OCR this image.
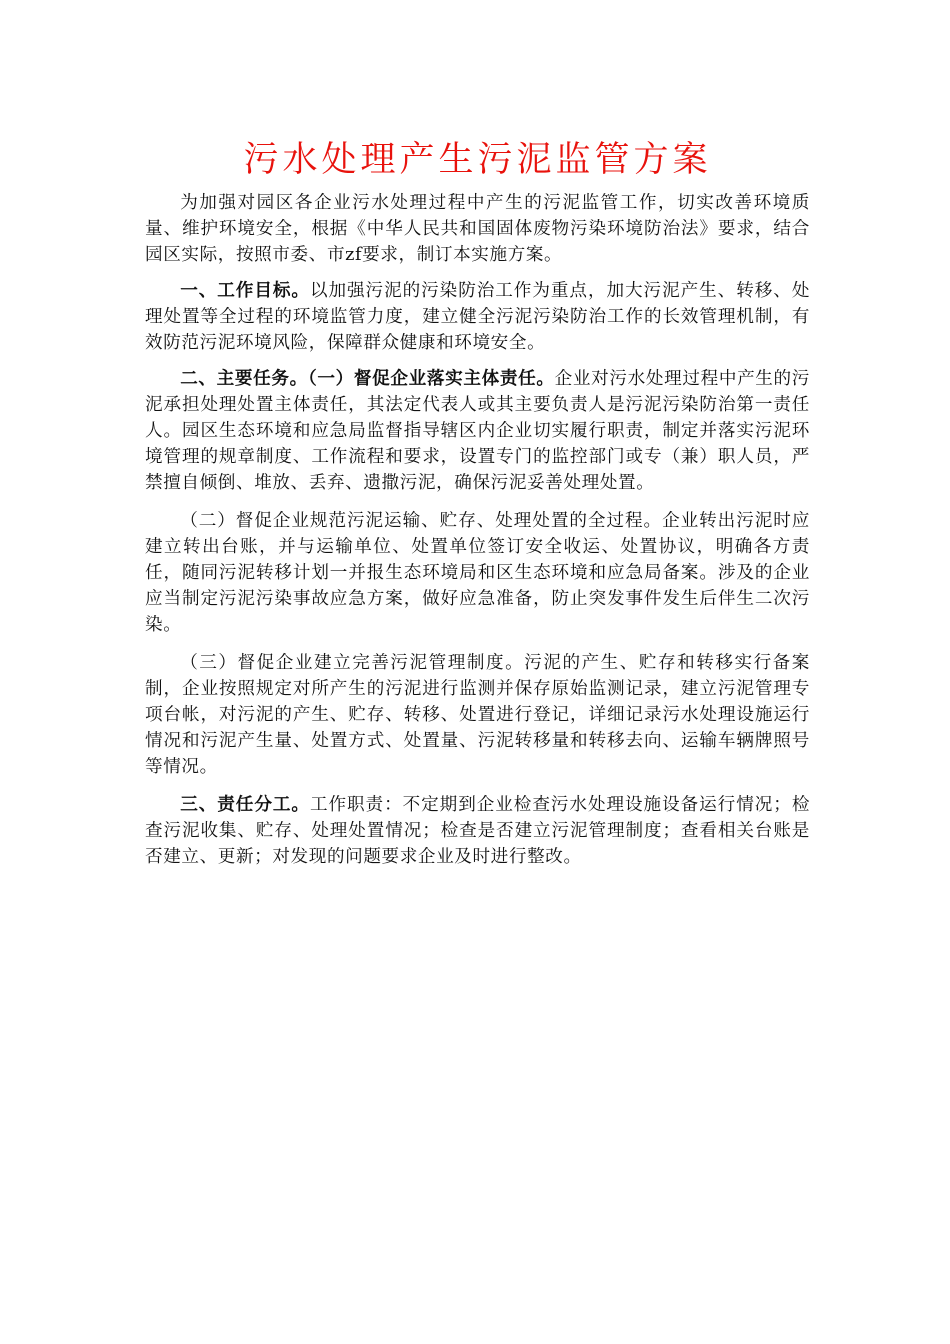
污水处理产生污泥监管方案

为加强对园区各企业污水处理过程中产生的污泥监管工作，切实改善环境质量、维护环境安全，根据《中华人民共和国固体废物污染环境防治法》要求，结合园区实际，按照市委、市zf要求，制订本实施方案。

一、工作目标。以加强污泥的污染防治工作为重点，加大污泥产生、转移、处理处置等全过程的环境监管力度，建立健全污泥污染防治工作的长效管理机制，有效防范污泥环境风险，保障群众健康和环境安全。

二、主要任务。（一）督促企业落实主体责任。企业对污水处理过程中产生的污泥承担处理处置主体责任，其法定代表人或其主要负责人是污泥污染防治第一责任人。园区生态环境和应急局监督指导辖区内企业切实履行职责，制定并落实污泥环境管理的规章制度、工作流程和要求，设置专门的监控部门或专（兼）职人员，严禁擅自倾倒、堆放、丢弃、遗撒污泥，确保污泥妥善处理处置。

（二）督促企业规范污泥运输、贮存、处理处置的全过程。企业转出污泥时应建立转出台账，并与运输单位、处置单位签订安全收运、处置协议，明确各方责任，随同污泥转移计划一并报生态环境局和区生态环境和应急局备案。涉及的企业应当制定污泥污染事故应急方案，做好应急准备，防止突发事件发生后伴生二次污染。

（三）督促企业建立完善污泥管理制度。污泥的产生、贮存和转移实行备案制，企业按照规定对所产生的污泥进行监测并保存原始监测记录，建立污泥管理专项台帐，对污泥的产生、贮存、转移、处置进行登记，详细记录污水处理设施运行情况和污泥产生量、处置方式、处置量、污泥转移量和转移去向、运输车辆牌照号等情况。

三、责任分工。工作职责：不定期到企业检查污水处理设施设备运行情况；检查污泥收集、贮存、处理处置情况；检查是否建立污泥管理制度；查看相关台账是否建立、更新；对发现的问题要求企业及时进行整改。
